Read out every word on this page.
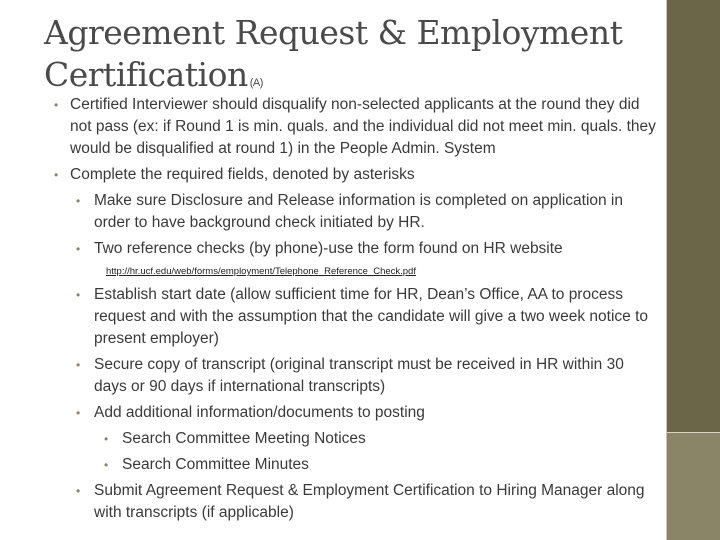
Agreement Request & Employment Certification (A)
• Certified Interviewer should disqualify non-selected applicants at the round they did not pass (ex: if Round 1 is min. quals. and the individual did not meet min. quals. they would be disqualified at round 1) in the People Admin. System
• Complete the required fields, denoted by asterisks
• Make sure Disclosure and Release information is completed on application in order to have background check initiated by HR.
• Two reference checks (by phone)-use the form found on HR website
http://hr.ucf.edu/web/forms/employment/Telephone_Reference_Check.pdf
• Establish start date (allow sufficient time for HR, Dean’s Office, AA to process request and with the assumption that the candidate will give a two week notice to present employer)
• Secure copy of transcript (original transcript must be received in HR within 30 days or 90 days if international transcripts)
• Add additional information/documents to posting
• Search Committee Meeting Notices
• Search Committee Minutes
• Submit Agreement Request & Employment Certification to Hiring Manager along with transcripts (if applicable)
